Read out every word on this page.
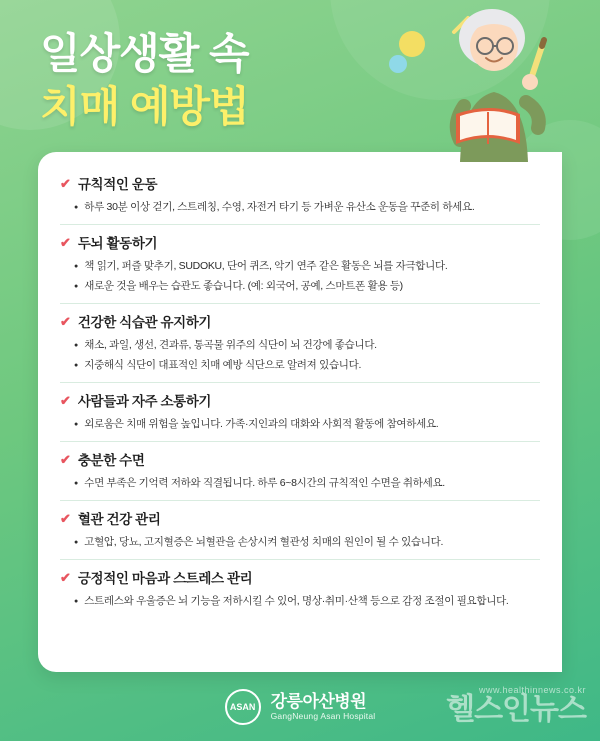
일상생활 속
치매 예방법
✔ 규칙적인 운동
● 하루 30분 이상 걷기, 스트레칭, 수영, 자전거 타기 등 가벼운 유산소 운동을 꾸준히 하세요.
✔ 두뇌 활동하기
● 책 읽기, 퍼즐 맞추기, SUDOKU, 단어 퀴즈, 악기 연주 같은 활동은 뇌를 자극합니다.
● 새로운 것을 배우는 습관도 좋습니다. (예: 외국어, 공예, 스마트폰 활용 등)
✔ 건강한 식습관 유지하기
● 채소, 과일, 생선, 견과류, 통곡물 위주의 식단이 뇌 건강에 좋습니다.
● 지중해식 식단이 대표적인 치매 예방 식단으로 알려져 있습니다.
✔ 사람들과 자주 소통하기
● 외로움은 치매 위험을 높입니다. 가족·지인과의 대화와 사회적 활동에 참여하세요.
✔ 충분한 수면
● 수면 부족은 기억력 저하와 직결됩니다. 하루 6~8시간의 규칙적인 수면을 취하세요.
✔ 혈관 건강 관리
● 고혈압, 당뇨, 고지혈증은 뇌혈관을 손상시켜 혈관성 치매의 원인이 될 수 있습니다.
✔ 긍정적인 마음과 스트레스 관리
● 스트레스와 우울증은 뇌 기능을 저하시킬 수 있어, 명상·취미·산책 등으로 감정 조절이 필요합니다.
ASAN 강릉아산병원
GangNeung Asan Hospital
www.healthinnews.co.kr
헬스인뉴스
